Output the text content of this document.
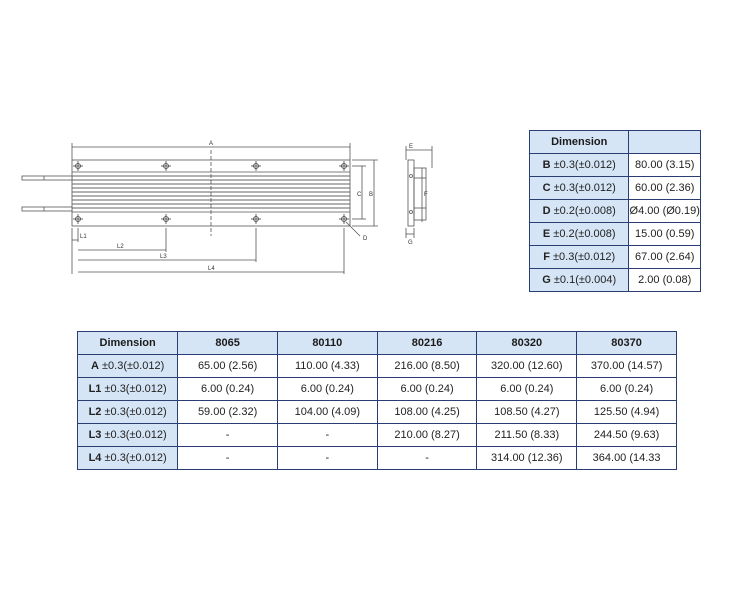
A
B
C
D
E
F
G
L1
L2
L3
L4
Dimension	
B ±0.3(±0.012)	80.00 (3.15)
C ±0.3(±0.012)	60.00 (2.36)
D ±0.2(±0.008)	Ø4.00 (Ø0.19)
E ±0.2(±0.008)	15.00 (0.59)
F ±0.3(±0.012)	67.00 (2.64)
G ±0.1(±0.004)	2.00 (0.08)
Dimension	8065	80110	80216	80320	80370
A ±0.3(±0.012)	65.00 (2.56)	110.00 (4.33)	216.00 (8.50)	320.00 (12.60)	370.00 (14.57)
L1 ±0.3(±0.012)	6.00 (0.24)	6.00 (0.24)	6.00 (0.24)	6.00 (0.24)	6.00 (0.24)
L2 ±0.3(±0.012)	59.00 (2.32)	104.00 (4.09)	108.00 (4.25)	108.50 (4.27)	125.50 (4.94)
L3 ±0.3(±0.012)	-	-	210.00 (8.27)	211.50 (8.33)	244.50 (9.63)
L4 ±0.3(±0.012)	-	-	-	314.00 (12.36)	364.00 (14.33
